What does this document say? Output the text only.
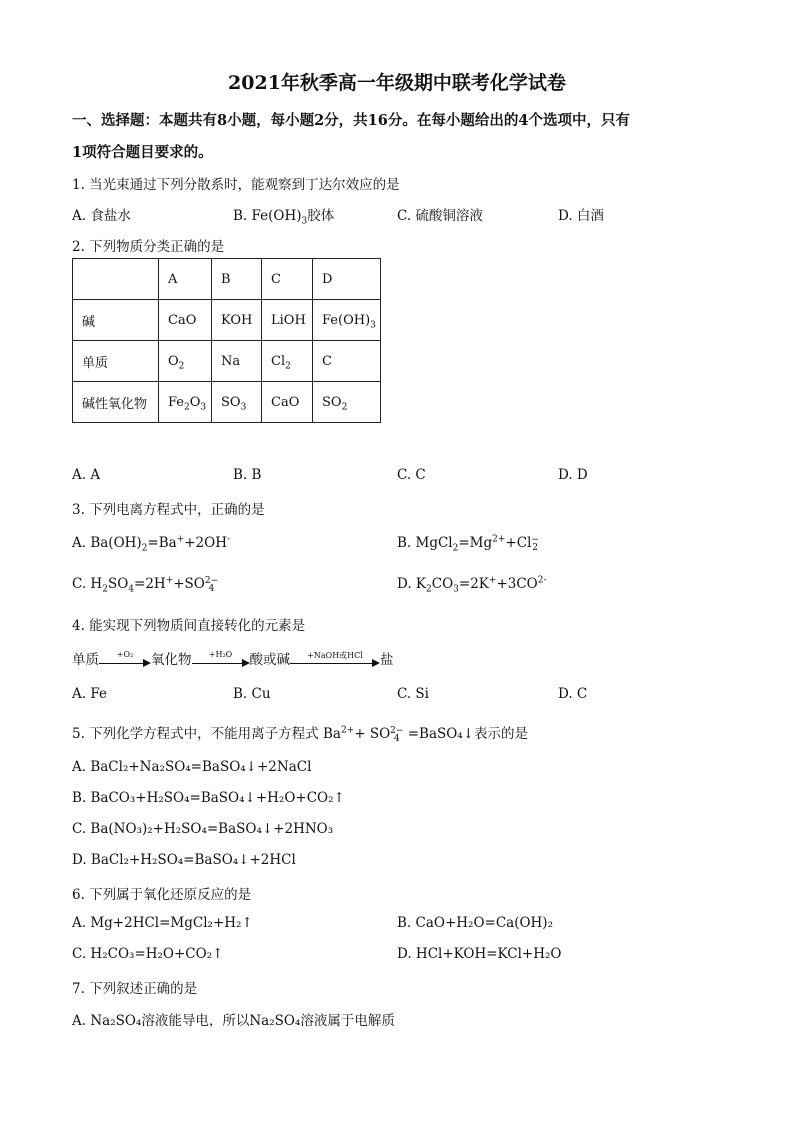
2021年秋季高一年级期中联考化学试卷
一、选择题：本题共有8小题，每小题2分，共16分。在每小题给出的4个选项中，只有
1项符合题目要求的。
1. 当光束通过下列分散系时，能观察到丁达尔效应的是
A. 食盐水	B. $Fe(OH)_3$胶体	C. 硫酸铜溶液	D. 白酒
2. 下列物质分类正确的是
	A	B	C	D
碱	CaO	KOH	LiOH	$Fe(OH)_3$
单质	$O_2$	Na	$Cl_2$	C
碱性氧化物	$Fe_2O_3$	$SO_3$	CaO	$SO_2$
A. A	B. B	C. C	D. D
3. 下列电离方程式中，正确的是
A. $Ba(OH)_2=Ba^++2OH^-$	B. $MgCl_2=Mg^{2+}+Cl-$
2
C. $H_2SO_4=2H^++SO2-$
4	D. $K_2CO_3=2K^++3CO^{2-}$
4. 能实现下列物质间直接转化的元素是
单质	+O₂	氧化物	+H₂O	酸或碱	+NaOH或HCl	盐
A. Fe	B. Cu	C. Si	D. C
5. 下列化学方程式中，不能用离子方程式 $Ba^{2+}+ SO2-$
4 =BaSO₄↓表示的是
A. BaCl₂+Na₂SO₄=BaSO₄↓+2NaCl
B. BaCO₃+H₂SO₄=BaSO₄↓+H₂O+CO₂↑
C. Ba(NO₃)₂+H₂SO₄=BaSO₄↓+2HNO₃
D. BaCl₂+H₂SO₄=BaSO₄↓+2HCl
6. 下列属于氧化还原反应的是
A. Mg+2HCl=MgCl₂+H₂↑	B. CaO+H₂O=Ca(OH)₂
C. H₂CO₃=H₂O+CO₂↑	D. HCl+KOH=KCl+H₂O
7. 下列叙述正确的是
A. Na₂SO₄溶液能导电，所以Na₂SO₄溶液属于电解质
